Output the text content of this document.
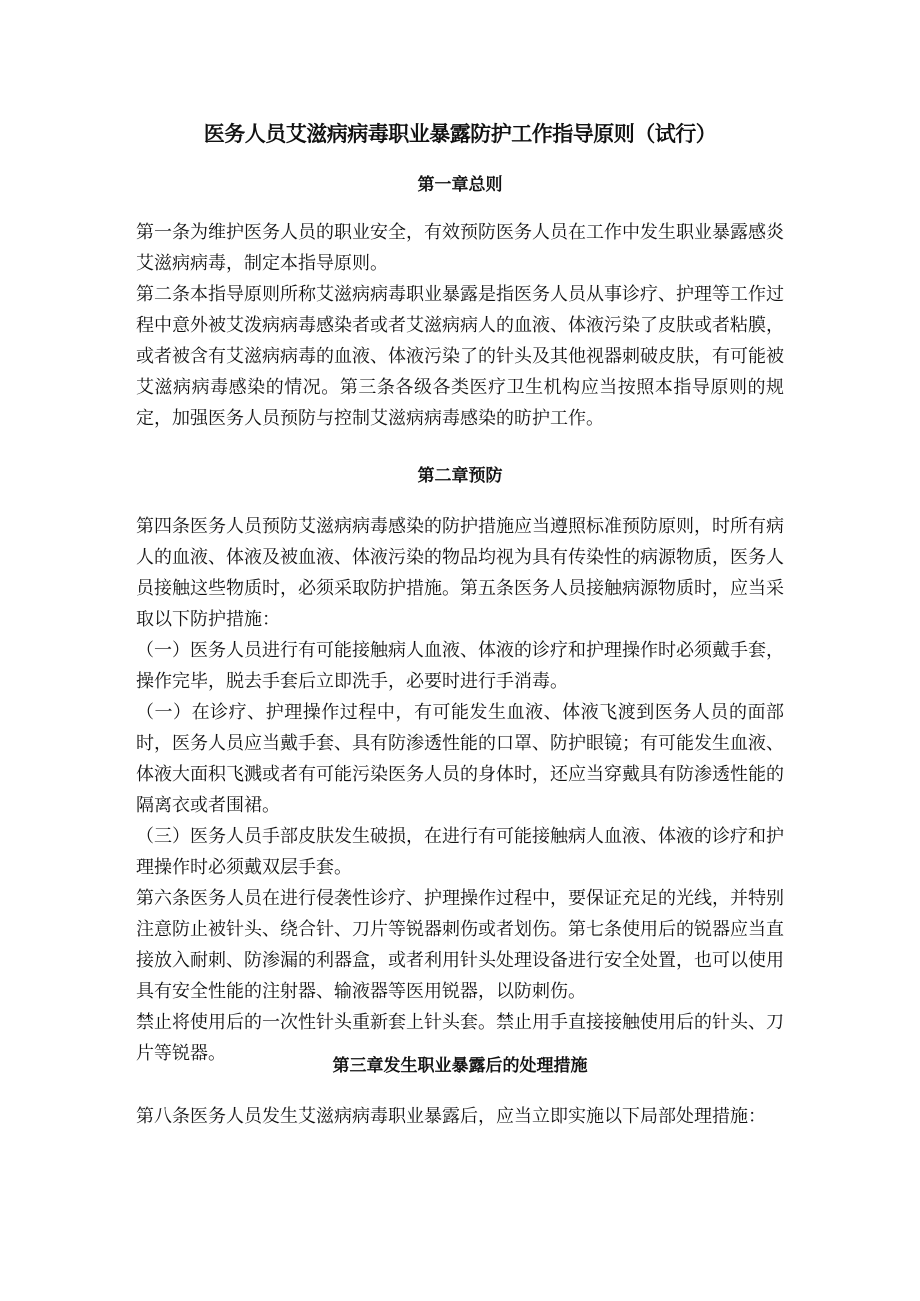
医务人员艾滋病病毒职业暴露防护工作指导原则（试行）
第一章总则

第一条为维护医务人员的职业安全，有效预防医务人员在工作中发生职业暴露感炎艾滋病病毒，制定本指导原则。

第二条本指导原则所称艾滋病病毒职业暴露是指医务人员从事诊疗、护理等工作过程中意外被艾泼病病毒感染者或者艾滋病病人的血液、体液污染了皮肤或者粘膜，或者被含有艾滋病病毒的血液、体液污染了的针头及其他视器刺破皮肤，有可能被艾滋病病毒感染的情况。第三条各级各类医疗卫生机构应当按照本指导原则的规定，加强医务人员预防与控制艾滋病病毒感染的昉护工作。

第二章预防

第四条医务人员预防艾滋病病毒感染的防护措施应当遵照标准预防原则，时所有病人的血液、体液及被血液、体液污染的物品均视为具有传染性的病源物质，医务人员接触这些物质时，必须采取防护措施。第五条医务人员接触病源物质时，应当采取以下防护措施：

（一）医务人员进行有可能接触病人血液、体液的诊疗和护理操作时必须戴手套，操作完毕，脱去手套后立即洗手，必要时进行手消毒。

（一）在诊疗、护理操作过程中，有可能发生血液、体液飞渡到医务人员的面部时，医务人员应当戴手套、具有防渗透性能的口罩、防护眼镜；有可能发生血液、体液大面积飞溅或者有可能污染医务人员的身体时，还应当穿戴具有防渗透性能的隔离衣或者围裙。

（三）医务人员手部皮肤发生破损，在进行有可能接触病人血液、体液的诊疗和护理操作时必须戴双层手套。

第六条医务人员在进行侵袭性诊疗、护理操作过程中，要保证充足的光线，并特别注意防止被针头、绕合针、刀片等锐器刺伤或者划伤。第七条使用后的锐器应当直接放入耐刺、防渗漏的利器盒，或者利用针头处理设备进行安全处置，也可以使用具有安全性能的注射器、输液器等医用锐器，以防刺伤。

禁止将使用后的一次性针头重新套上针头套。禁止用手直接接触使用后的针头、刀片等锐器。

第三章发生职业暴露后的处理措施

第八条医务人员发生艾滋病病毒职业暴露后，应当立即实施以下局部处理措施：
